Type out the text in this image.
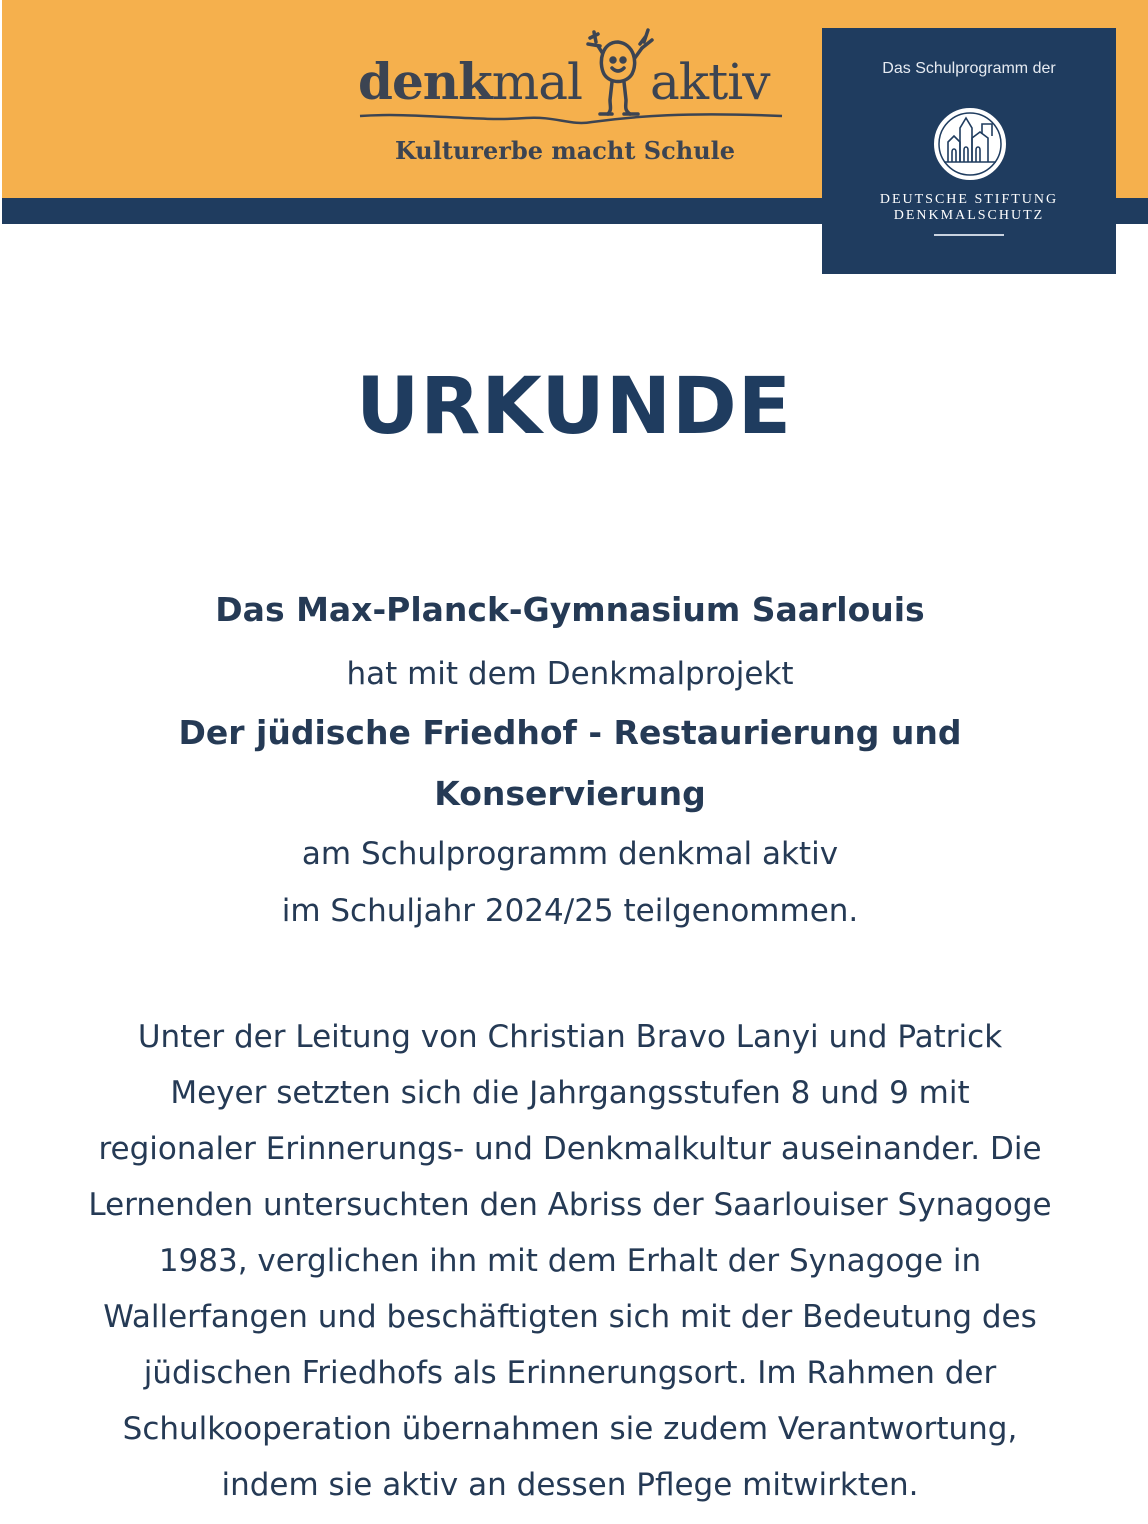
denkmal aktiv
Kulturerbe macht Schule
Das Schulprogramm der
DEUTSCHE STIFTUNG
DENKMALSCHUTZ
URKUNDE
Das Max-Planck-Gymnasium Saarlouis
hat mit dem Denkmalprojekt
Der jüdische Friedhof - Restaurierung und
Konservierung
am Schulprogramm denkmal aktiv
im Schuljahr 2024/25 teilgenommen.
Unter der Leitung von Christian Bravo Lanyi und Patrick
Meyer setzten sich die Jahrgangsstufen 8 und 9 mit
regionaler Erinnerungs- und Denkmalkultur auseinander. Die
Lernenden untersuchten den Abriss der Saarlouiser Synagoge
1983, verglichen ihn mit dem Erhalt der Synagoge in
Wallerfangen und beschäftigten sich mit der Bedeutung des
jüdischen Friedhofs als Erinnerungsort. Im Rahmen der
Schulkooperation übernahmen sie zudem Verantwortung,
indem sie aktiv an dessen Pflege mitwirkten.
